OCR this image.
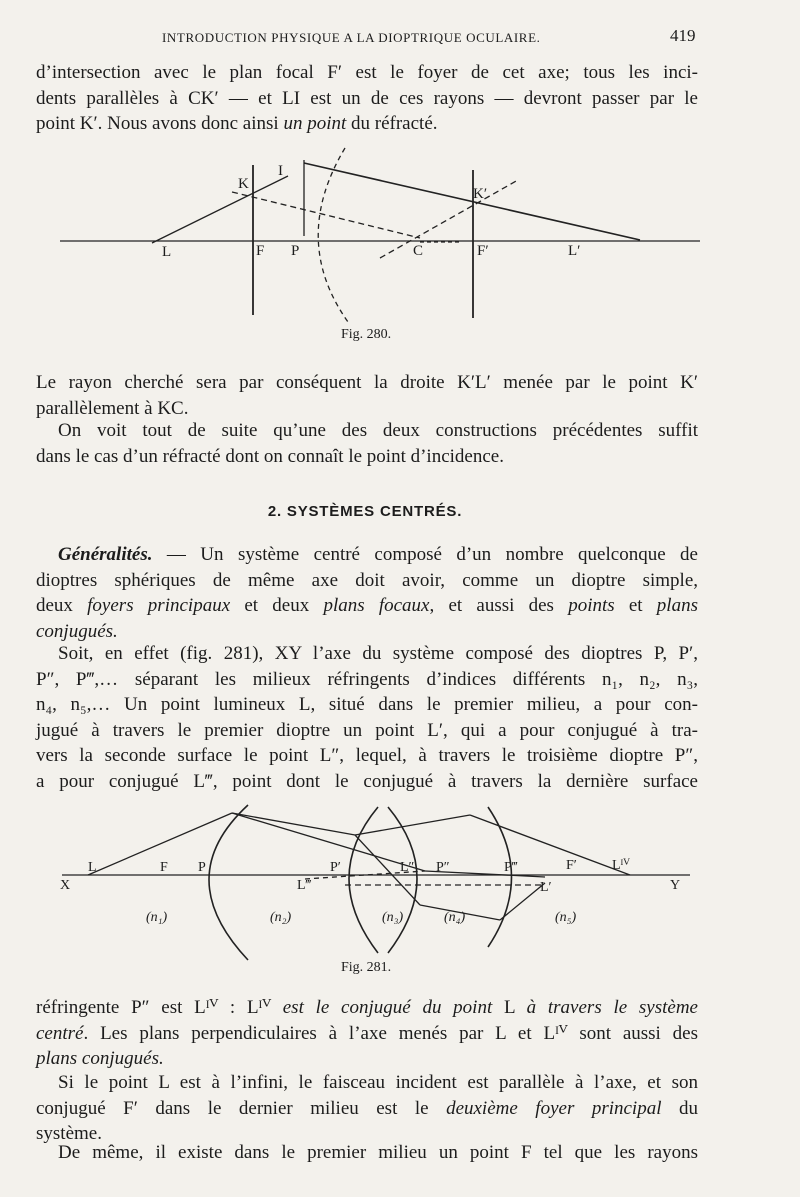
INTRODUCTION PHYSIQUE A LA DIOPTRIQUE OCULAIRE.	419
d’intersection avec le plan focal F′ est le foyer de cet axe; tous les inci-
dents parallèles à CK′ — et LI est un de ces rayons — devront passer par le
point K′. Nous avons donc ainsi un point du réfracté.
K
I
K′
L	F P	C	F′	L′
Fig. 280.
Le rayon cherché sera par conséquent la droite K′L′ menée par le point K′
parallèlement à KC.
On voit tout de suite qu’une des deux constructions précédentes suffit
dans le cas d’un réfracté dont on connaît le point d’incidence.
2. SYSTÈMES CENTRÉS.
Généralités. — Un système centré composé d’un nombre quelconque de
dioptres sphériques de même axe doit avoir, comme un dioptre simple,
deux foyers principaux et deux plans focaux, et aussi des points et plans
conjugués.
Soit, en effet (fig. 281), XY l’axe du système composé des dioptres P, P′,
P″, P‴,… séparant les milieux réfringents d’indices différents n₁, n₂, n₃,
n₄, n₅,… Un point lumineux L, situé dans le premier milieu, a pour con-
jugué à travers le premier dioptre un point L′, qui a pour conjugué à tra-
vers la seconde surface le point L″, lequel, à travers le troisième dioptre P″,
a pour conjugué L‴, point dont le conjugué à travers la dernière surface
X
L	F P
L‴
P′	L″ P″	P‴
L′
F′	Lᴵⱽ
Y
(n₁)	(n₂)	(n₃)	(n₄)	(n₅)
Fig. 281.
réfringente P″ est Lᴵⱽ : Lᴵⱽ est le conjugué du point L à travers le système
centré. Les plans perpendiculaires à l’axe menés par L et Lᴵⱽ sont aussi des
plans conjugués.
Si le point L est à l’infini, le faisceau incident est parallèle à l’axe, et son
conjugué F′ dans le dernier milieu est le deuxième foyer principal du
système.
De même, il existe dans le premier milieu un point F tel que les rayons
